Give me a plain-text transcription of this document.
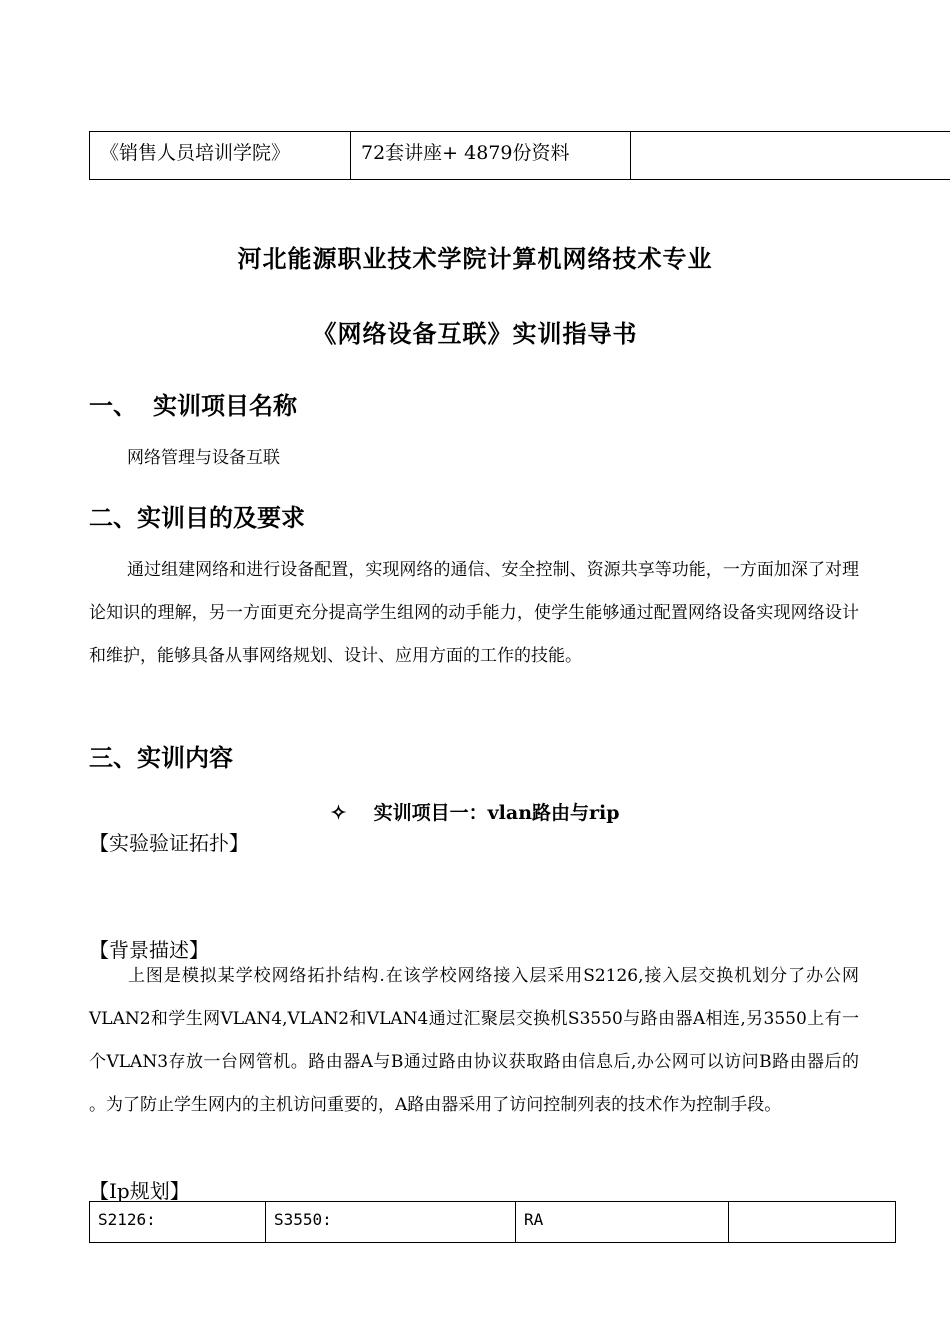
《销售人员培训学院》	72套讲座+ 4879份资料	
河北能源职业技术学院计算机网络技术专业
《网络设备互联》实训指导书
一、 实训项目名称
网络管理与设备互联
二、实训目的及要求
通过组建网络和进行设备配置，实现网络的通信、安全控制、资源共享等功能，一方面加深了对理论知识的理解，另一方面更充分提高学生组网的动手能力，使学生能够通过配置网络设备实现网络设计和维护，能够具备从事网络规划、设计、应用方面的工作的技能。
三、实训内容
✧ 实训项目一：vlan路由与rip
【实验验证拓扑】
【背景描述】
上图是模拟某学校网络拓扑结构.在该学校网络接入层采用S2126,接入层交换机划分了办公网VLAN2和学生网VLAN4,VLAN2和VLAN4通过汇聚层交换机S3550与路由器A相连,另3550上有一个VLAN3存放一台网管机。路由器A与B通过路由协议获取路由信息后,办公网可以访问B路由器后的 。为了防止学生网内的主机访问重要的，A路由器采用了访问控制列表的技术作为控制手段。
【Ip规划】
S2126:	S3550:	RA	
